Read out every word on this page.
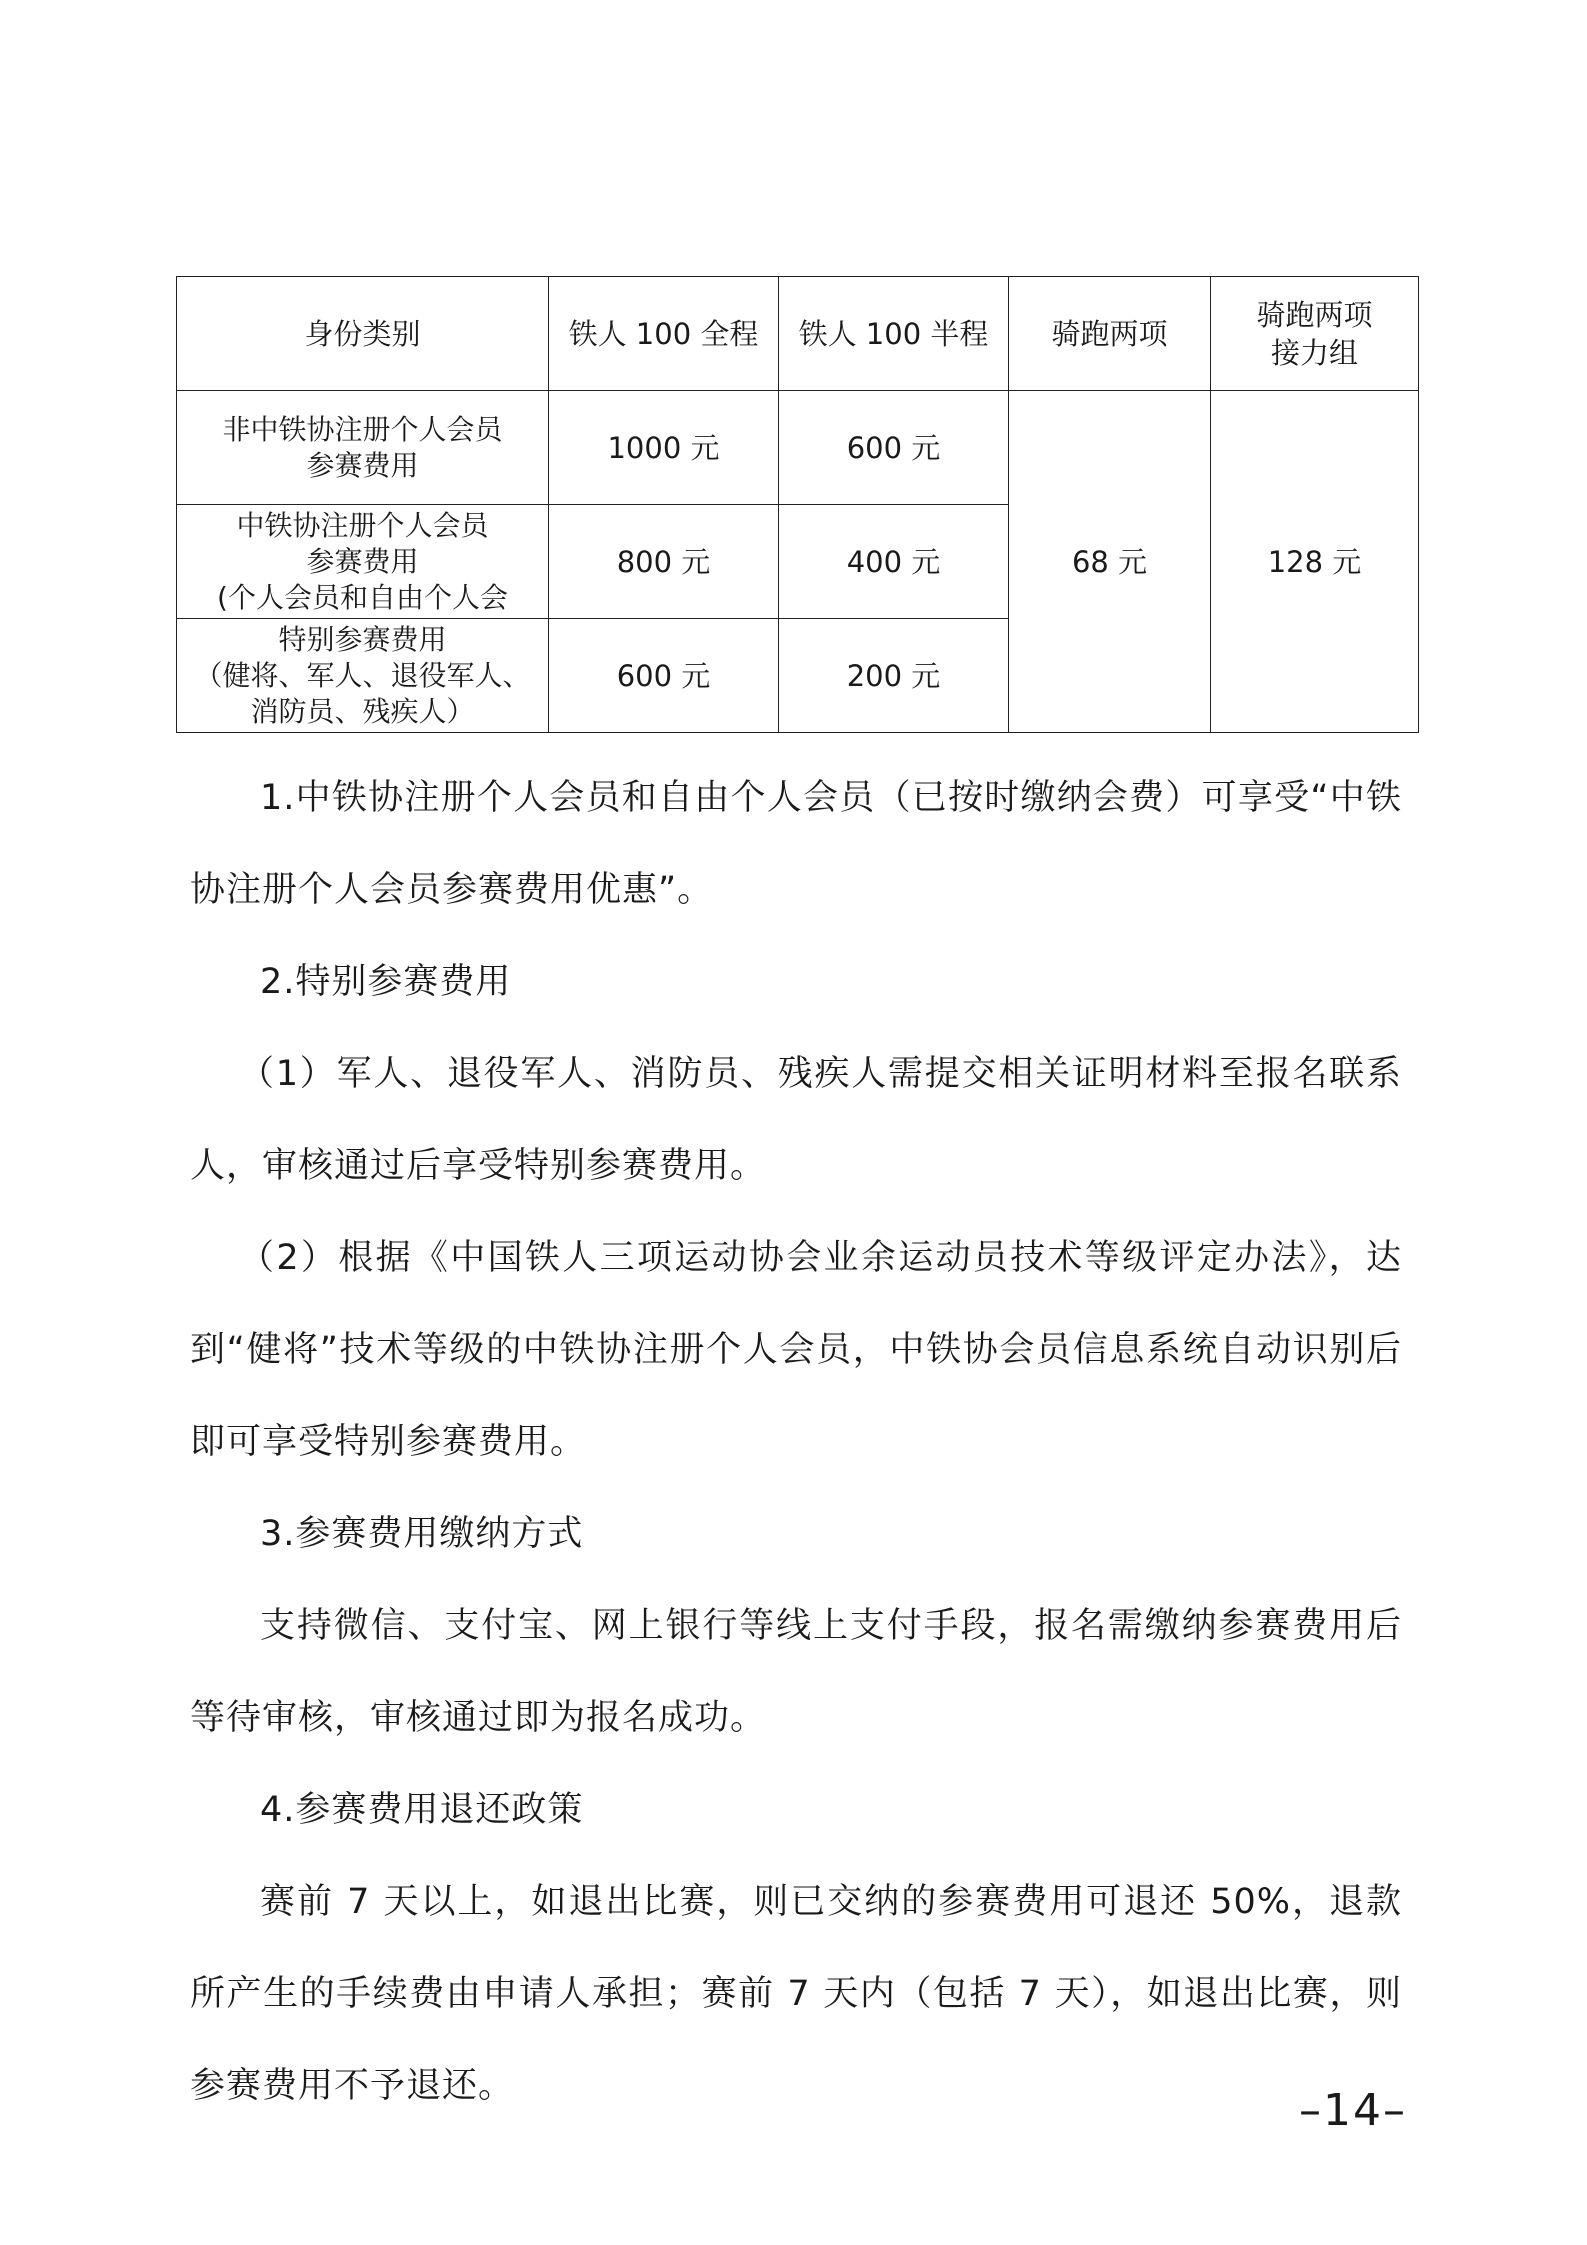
身份类别	铁人 100 全程	铁人 100 半程	骑跑两项	骑跑两项
接力组
非中铁协注册个人会员
参赛费用	1000 元	600 元	68 元	128 元
中铁协注册个人会员
参赛费用
(个人会员和自由个人会	800 元	400 元		
特别参赛费用
（健将、军人、退役军人、
消防员、残疾人）	600 元	200 元		

1.中铁协注册个人会员和自由个人会员（已按时缴纳会费）可享受“中铁协注册个人会员参赛费用优惠”。

2.特别参赛费用

（1）军人、退役军人、消防员、残疾人需提交相关证明材料至报名联系人，审核通过后享受特别参赛费用。

（2）根据《中国铁人三项运动协会业余运动员技术等级评定办法》，达到“健将”技术等级的中铁协注册个人会员，中铁协会员信息系统自动识别后即可享受特别参赛费用。

3.参赛费用缴纳方式

支持微信、支付宝、网上银行等线上支付手段，报名需缴纳参赛费用后等待审核，审核通过即为报名成功。

4.参赛费用退还政策

赛前 7 天以上，如退出比赛，则已交纳的参赛费用可退还 50%，退款所产生的手续费由申请人承担；赛前 7 天内（包括 7 天），如退出比赛，则参赛费用不予退还。	–14–
